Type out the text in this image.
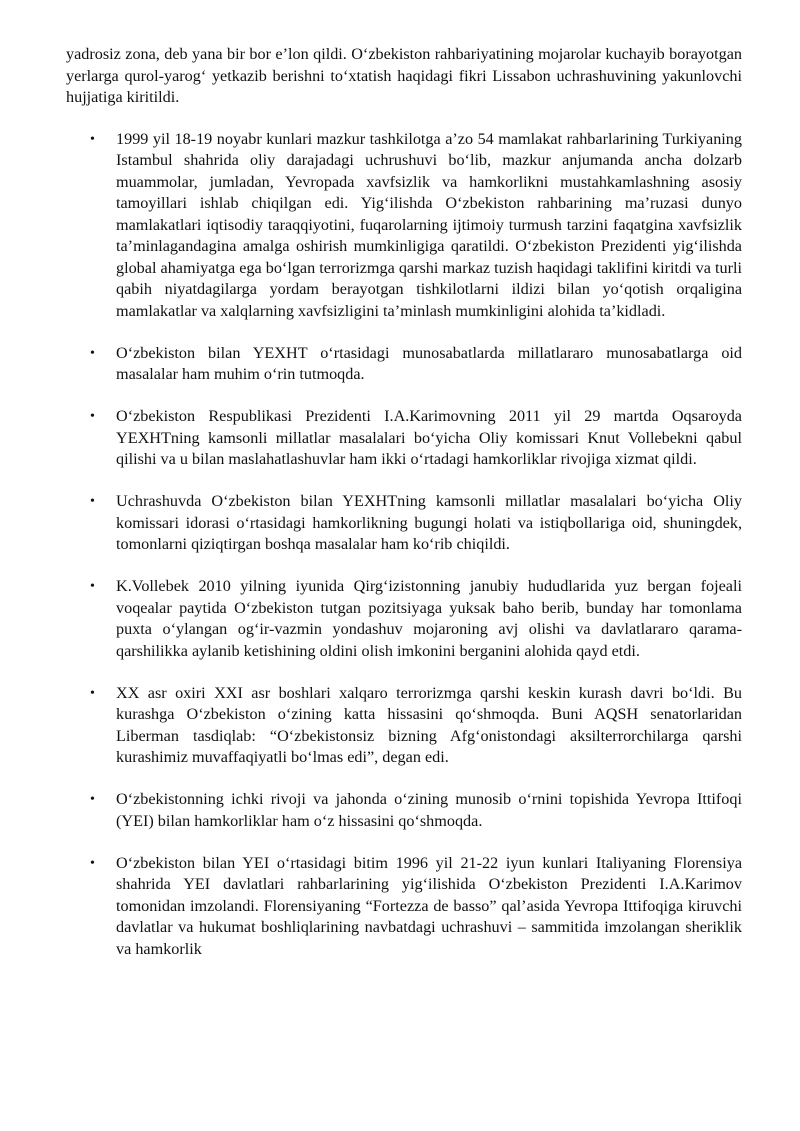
yadrosiz zona, deb yana bir bor e’lon qildi. O‘zbekiston rahbariyatining mojarolar kuchayib borayotgan yerlarga qurol-yarog‘ yetkazib berishni to‘xtatish haqidagi fikri Lissabon uchrashuvining yakunlovchi hujjatiga kiritildi.

• 1999 yil 18-19 noyabr kunlari mazkur tashkilotga a’zo 54 mamlakat rahbarlarining Turkiyaning Istambul shahrida oliy darajadagi uchrushuvi bo‘lib, mazkur anjumanda ancha dolzarb muammolar, jumladan, Yevropada xavfsizlik va hamkorlikni mustahkamlashning asosiy tamoyillari ishlab chiqilgan edi. Yig‘ilishda O‘zbekiston rahbarining ma’ruzasi dunyo mamlakatlari iqtisodiy taraqqiyotini, fuqarolarning ijtimoiy turmush tarzini faqatgina xavfsizlik ta’minlagandagina amalga oshirish mumkinligiga qaratildi. O‘zbekiston Prezidenti yig‘ilishda global ahamiyatga ega bo‘lgan terrorizmga qarshi markaz tuzish haqidagi taklifini kiritdi va turli qabih niyatdagilarga yordam berayotgan tishkilotlarni ildizi bilan yo‘qotish orqaligina mamlakatlar va xalqlarning xavfsizligini ta’minlash mumkinligini alohida ta’kidladi.
• O‘zbekiston bilan YEXHT o‘rtasidagi munosabatlarda millatlararo munosabatlarga oid masalalar ham muhim o‘rin tutmoqda.
• O‘zbekiston Respublikasi Prezidenti I.A.Karimovning 2011 yil 29 martda Oqsaroyda YEXHTning kamsonli millatlar masalalari bo‘yicha Oliy komissari Knut Vollebekni qabul qilishi va u bilan maslahatlashuvlar ham ikki o‘rtadagi hamkorliklar rivojiga xizmat qildi.
• Uchrashuvda O‘zbekiston bilan YEXHTning kamsonli millatlar masalalari bo‘yicha Oliy komissari idorasi o‘rtasidagi hamkorlikning bugungi holati va istiqbollariga oid, shuningdek, tomonlarni qiziqtirgan boshqa masalalar ham ko‘rib chiqildi.
• K.Vollebek 2010 yilning iyunida Qirg‘izistonning janubiy hududlarida yuz bergan fojeali voqealar paytida O‘zbekiston tutgan pozitsiyaga yuksak baho berib, bunday har tomonlama puxta o‘ylangan og‘ir-vazmin yondashuv mojaroning avj olishi va davlatlararo qarama-qarshilikka aylanib ketishining oldini olish imkonini berganini alohida qayd etdi.
• XX asr oxiri XXI asr boshlari xalqaro terrorizmga qarshi keskin kurash davri bo‘ldi. Bu kurashga O‘zbekiston o‘zining katta hissasini qo‘shmoqda. Buni AQSH senatorlaridan Liberman tasdiqlab: “O‘zbekistonsiz bizning Afg‘onistondagi aksilterrorchilarga qarshi kurashimiz muvaffaqiyatli bo‘lmas edi”, degan edi.
• O‘zbekistonning ichki rivoji va jahonda o‘zining munosib o‘rnini topishida Yevropa Ittifoqi (YEI) bilan hamkorliklar ham o‘z hissasini qo‘shmoqda.
• O‘zbekiston bilan YEI o‘rtasidagi bitim 1996 yil 21-22 iyun kunlari Italiyaning Florensiya shahrida YEI davlatlari rahbarlarining yig‘ilishida O‘zbekiston Prezidenti I.A.Karimov tomonidan imzolandi. Florensiyaning “Fortezza de basso” qal’asida Yevropa Ittifoqiga kiruvchi davlatlar va hukumat boshliqlarining navbatdagi uchrashuvi – sammitida imzolangan sheriklik va hamkorlik
